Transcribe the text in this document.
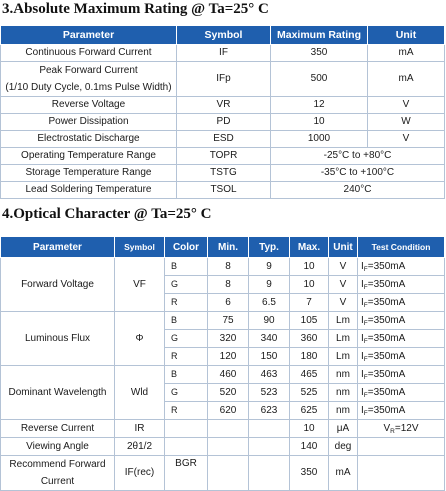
3.Absolute Maximum Rating @ Ta=25° C
Parameter	Symbol	Maximum Rating	Unit
Continuous Forward Current	IF	350	mA

Peak Forward Current
(1/10 Duty Cycle, 0.1ms Pulse Width)	IFp	500	mA
Reverse Voltage	VR	12	V
Power Dissipation	PD	10	W
Electrostatic Discharge	ESD	1000	V
Operating Temperature Range	TOPR	-25°C to +80°C	
Storage Temperature Range	TSTG	-35°C to +100°C	
Lead Soldering Temperature	TSOL	240°C	
4.Optical Character @ Ta=25° C
Parameter	Symbol	Color	Min.	Typ.	Max.	Unit	Test Condition
Forward Voltage	VF	B	8	9	10	V	$I_F=350mA$
		G	8	9	10	V	$I_F=350mA$
		R	6	6.5	7	V	$I_F=350mA$
Luminous Flux	Φ	B	75	90	105	Lm	$I_F=350mA$
		G	320	340	360	Lm	$I_F=350mA$
		R	120	150	180	Lm	$I_F=350mA$
Dominant Wavelength	Wld	B	460	463	465	nm	$I_F=350mA$
		G	520	523	525	nm	$I_F=350mA$
		R	620	623	625	nm	$I_F=350mA$
Reverse Current	IR				10	μA	$V_R=12V$
Viewing Angle	2θ1/2				140	deg	

Recommend Forward
Current	IF(rec)	BGR			350	mA	
